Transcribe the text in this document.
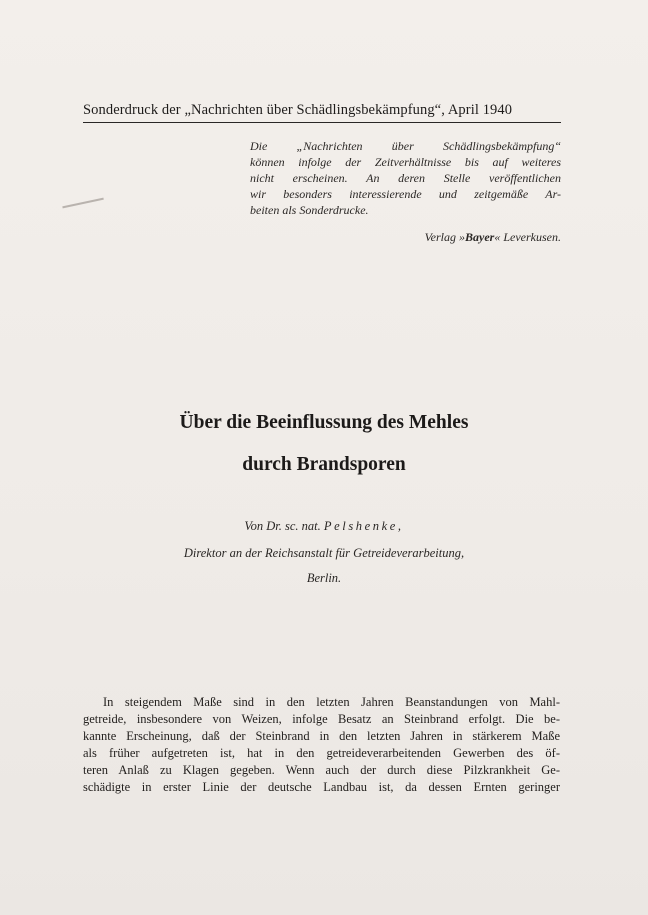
Sonderdruck der „Nachrichten über Schädlingsbekämpfung“, April 1940
Die „Nachrichten über Schädlingsbekämpfung“
können infolge der Zeitverhältnisse bis auf weiteres
nicht erscheinen. An deren Stelle veröffentlichen
wir besonders interessierende und zeitgemäße Ar-
beiten als Sonderdrucke.
Verlag »Bayer« Leverkusen.
Über die Beeinflussung des Mehles
durch Brandsporen
Von Dr. sc. nat. Pelshenke,
Direktor an der Reichsanstalt für Getreideverarbeitung,
Berlin.
In steigendem Maße sind in den letzten Jahren Beanstandungen von Mahl-
getreide, insbesondere von Weizen, infolge Besatz an Steinbrand erfolgt. Die be-
kannte Erscheinung, daß der Steinbrand in den letzten Jahren in stärkerem Maße
als früher aufgetreten ist, hat in den getreideverarbeitenden Gewerben des öf-
teren Anlaß zu Klagen gegeben. Wenn auch der durch diese Pilzkrankheit Ge-
schädigte in erster Linie der deutsche Landbau ist, da dessen Ernten geringer
